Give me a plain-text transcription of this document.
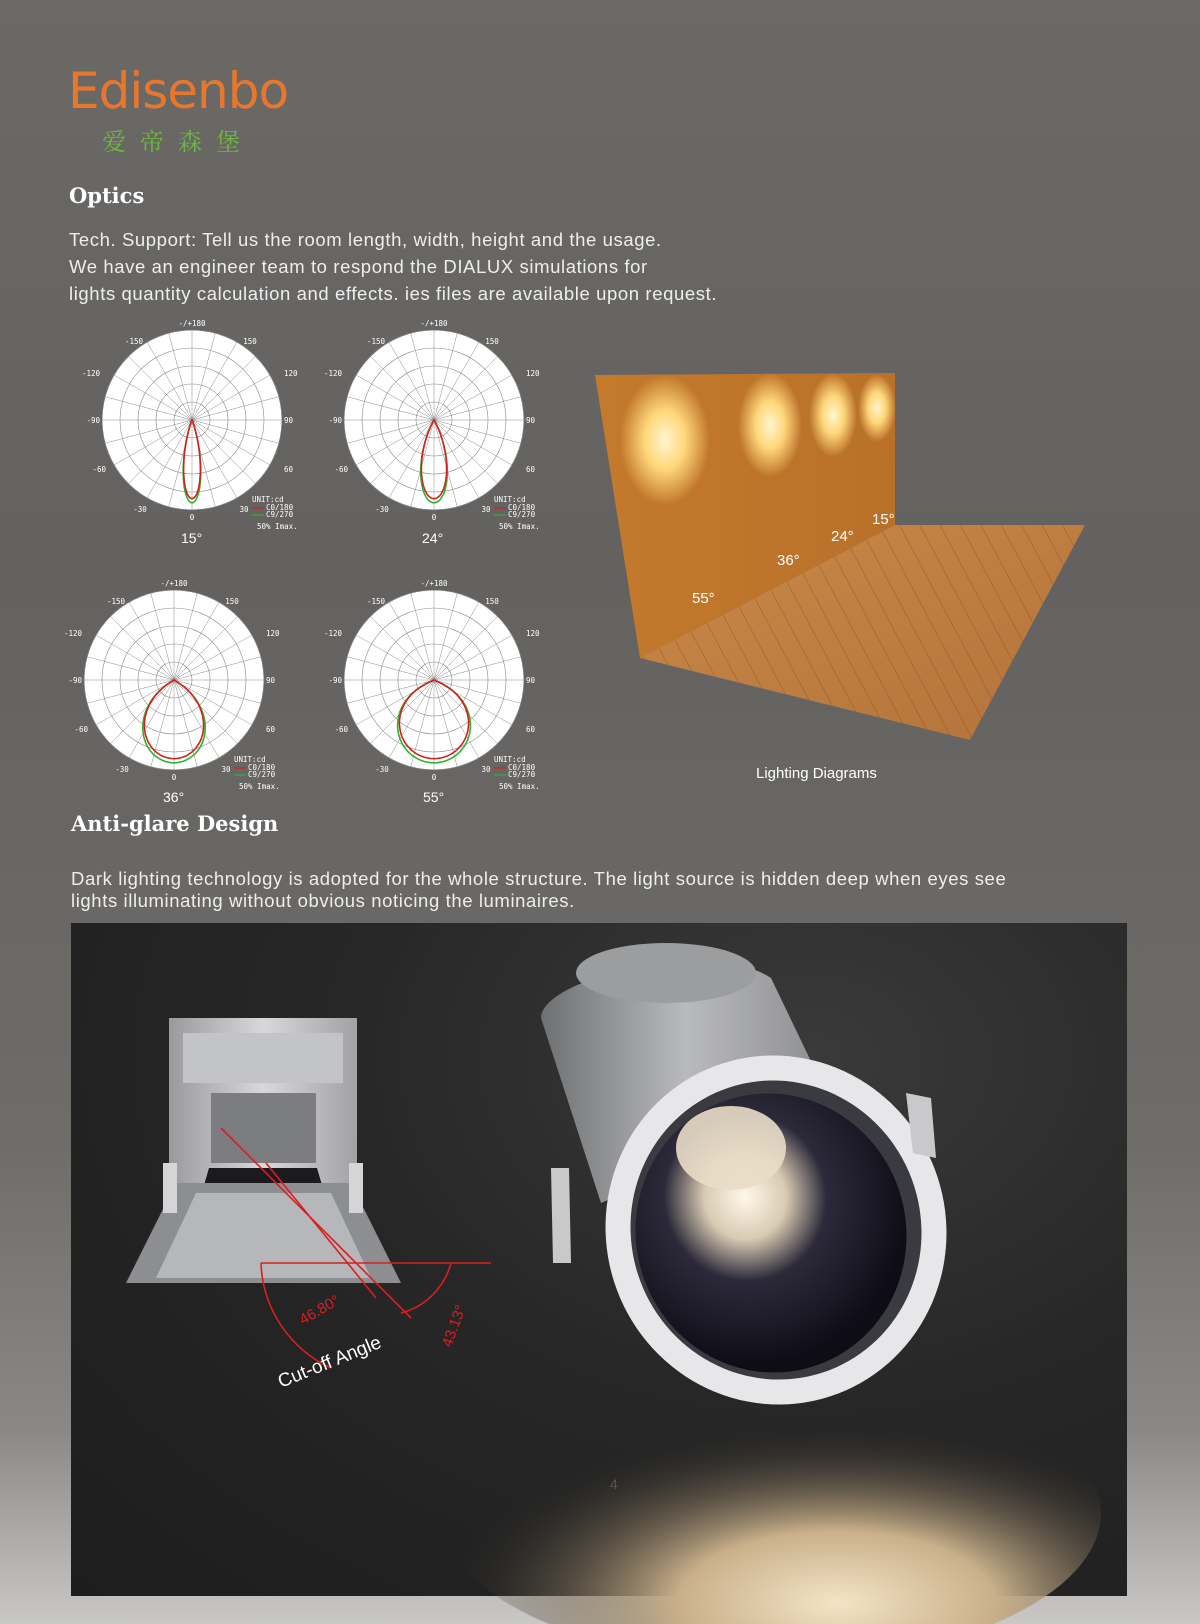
Edisenbo
爱帝森堡
Optics
Tech. Support: Tell us the room length, width, height and the usage.
We have an engineer team to respond the DIALUX simulations for
lights quantity calculation and effects. ies files are available upon request.
-/+180
-150	150
-120	120
-90	90
-60	60
-30	30
0
UNIT:cd
C0/180
C9/270
50% Imax.
-/+180
-150	150
-120	120
-90	90
-60	60
-30	30
0
UNIT:cd
C0/180
C9/270
50% Imax.
-/+180
-150	150
-120	120
-90	90
-60	60
-30	30
0
UNIT:cd
C0/180
C9/270
50% Imax.
-/+180
-150	150
-120	120
-90	90
-60	60
-30	30
0
UNIT:cd
C0/180
C9/270
50% Imax.
15°	24°
36°	55°
55°
36°
24°
15°
Lighting Diagrams
Anti-glare Design
Dark lighting technology is adopted for the whole structure. The light source is hidden deep when eyes see
lights illuminating without obvious noticing the luminaires.
46.80°	43.13°
Cut-off Angle
4
